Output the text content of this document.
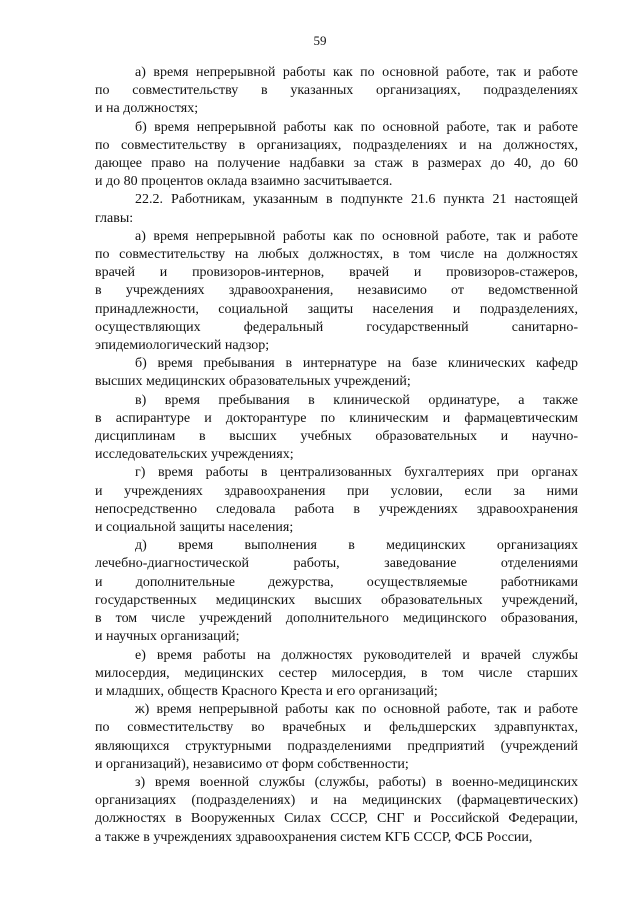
59

а) время непрерывной работы как по основной работе, так и работе
по совместительству в указанных организациях, подразделениях
и на должностях;

б) время непрерывной работы как по основной работе, так и работе
по совместительству в организациях, подразделениях и на должностях,
дающее право на получение надбавки за стаж в размерах до 40, до 60
и до 80 процентов оклада взаимно засчитывается.

22.2. Работникам, указанным в подпункте 21.6 пункта 21 настоящей
главы:

а) время непрерывной работы как по основной работе, так и работе
по совместительству на любых должностях, в том числе на должностях
врачей и провизоров-интернов, врачей и провизоров-стажеров,
в учреждениях здравоохранения, независимо от ведомственной
принадлежности, социальной защиты населения и подразделениях,
осуществляющих федеральный государственный санитарно-
эпидемиологический надзор;

б) время пребывания в интернатуре на базе клинических кафедр
высших медицинских образовательных учреждений;

в) время пребывания в клинической ординатуре, а также
в аспирантуре и докторантуре по клиническим и фармацевтическим
дисциплинам в высших учебных образовательных и научно-
исследовательских учреждениях;

г) время работы в централизованных бухгалтериях при органах
и учреждениях здравоохранения при условии, если за ними
непосредственно следовала работа в учреждениях здравоохранения
и социальной защиты населения;

д) время выполнения в медицинских организациях
лечебно-диагностической работы, заведование отделениями
и дополнительные дежурства, осуществляемые работниками
государственных медицинских высших образовательных учреждений,
в том числе учреждений дополнительного медицинского образования,
и научных организаций;

е) время работы на должностях руководителей и врачей службы
милосердия, медицинских сестер милосердия, в том числе старших
и младших, обществ Красного Креста и его организаций;

ж) время непрерывной работы как по основной работе, так и работе
по совместительству во врачебных и фельдшерских здравпунктах,
являющихся структурными подразделениями предприятий (учреждений
и организаций), независимо от форм собственности;

з) время военной службы (службы, работы) в военно-медицинских
организациях (подразделениях) и на медицинских (фармацевтических)
должностях в Вооруженных Силах СССР, СНГ и Российской Федерации,
а также в учреждениях здравоохранения систем КГБ СССР, ФСБ России,
